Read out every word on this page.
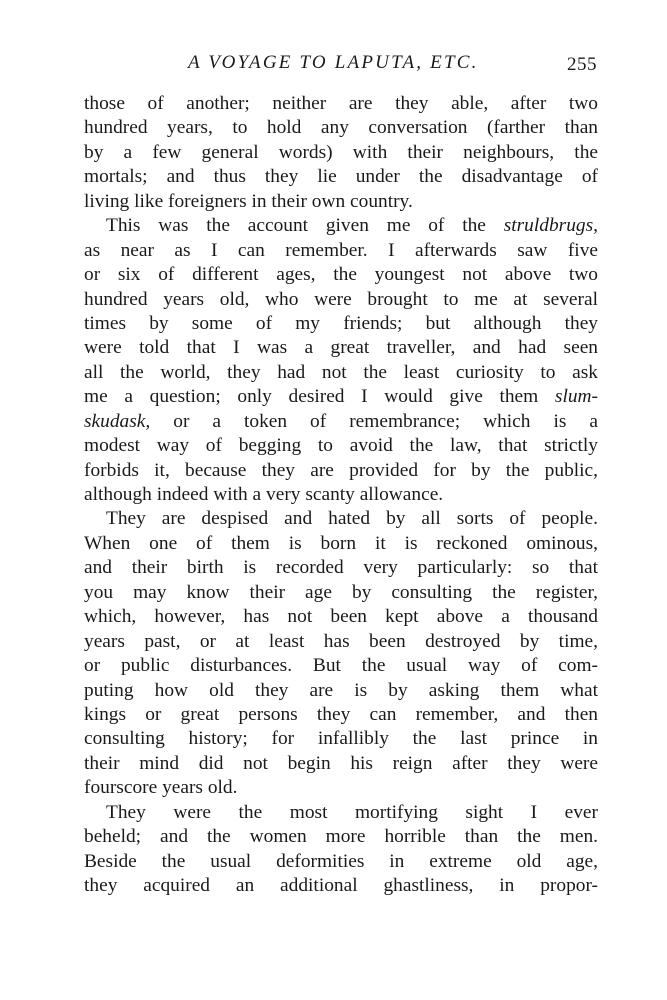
A VOYAGE TO LAPUTA, ETC.	255
those of another; neither are they able, after two
hundred years, to hold any conversation (farther than
by a few general words) with their neighbours, the
mortals; and thus they lie under the disadvantage of
living like foreigners in their own country.
This was the account given me of the struldbrugs,
as near as I can remember. I afterwards saw five
or six of different ages, the youngest not above two
hundred years old, who were brought to me at several
times by some of my friends; but although they
were told that I was a great traveller, and had seen
all the world, they had not the least curiosity to ask
me a question; only desired I would give them slum-
skudask, or a token of remembrance; which is a
modest way of begging to avoid the law, that strictly
forbids it, because they are provided for by the public,
although indeed with a very scanty allowance.
They are despised and hated by all sorts of people.
When one of them is born it is reckoned ominous,
and their birth is recorded very particularly: so that
you may know their age by consulting the register,
which, however, has not been kept above a thousand
years past, or at least has been destroyed by time,
or public disturbances. But the usual way of com-
puting how old they are is by asking them what
kings or great persons they can remember, and then
consulting history; for infallibly the last prince in
their mind did not begin his reign after they were
fourscore years old.
They were the most mortifying sight I ever
beheld; and the women more horrible than the men.
Beside the usual deformities in extreme old age,
they acquired an additional ghastliness, in propor-
